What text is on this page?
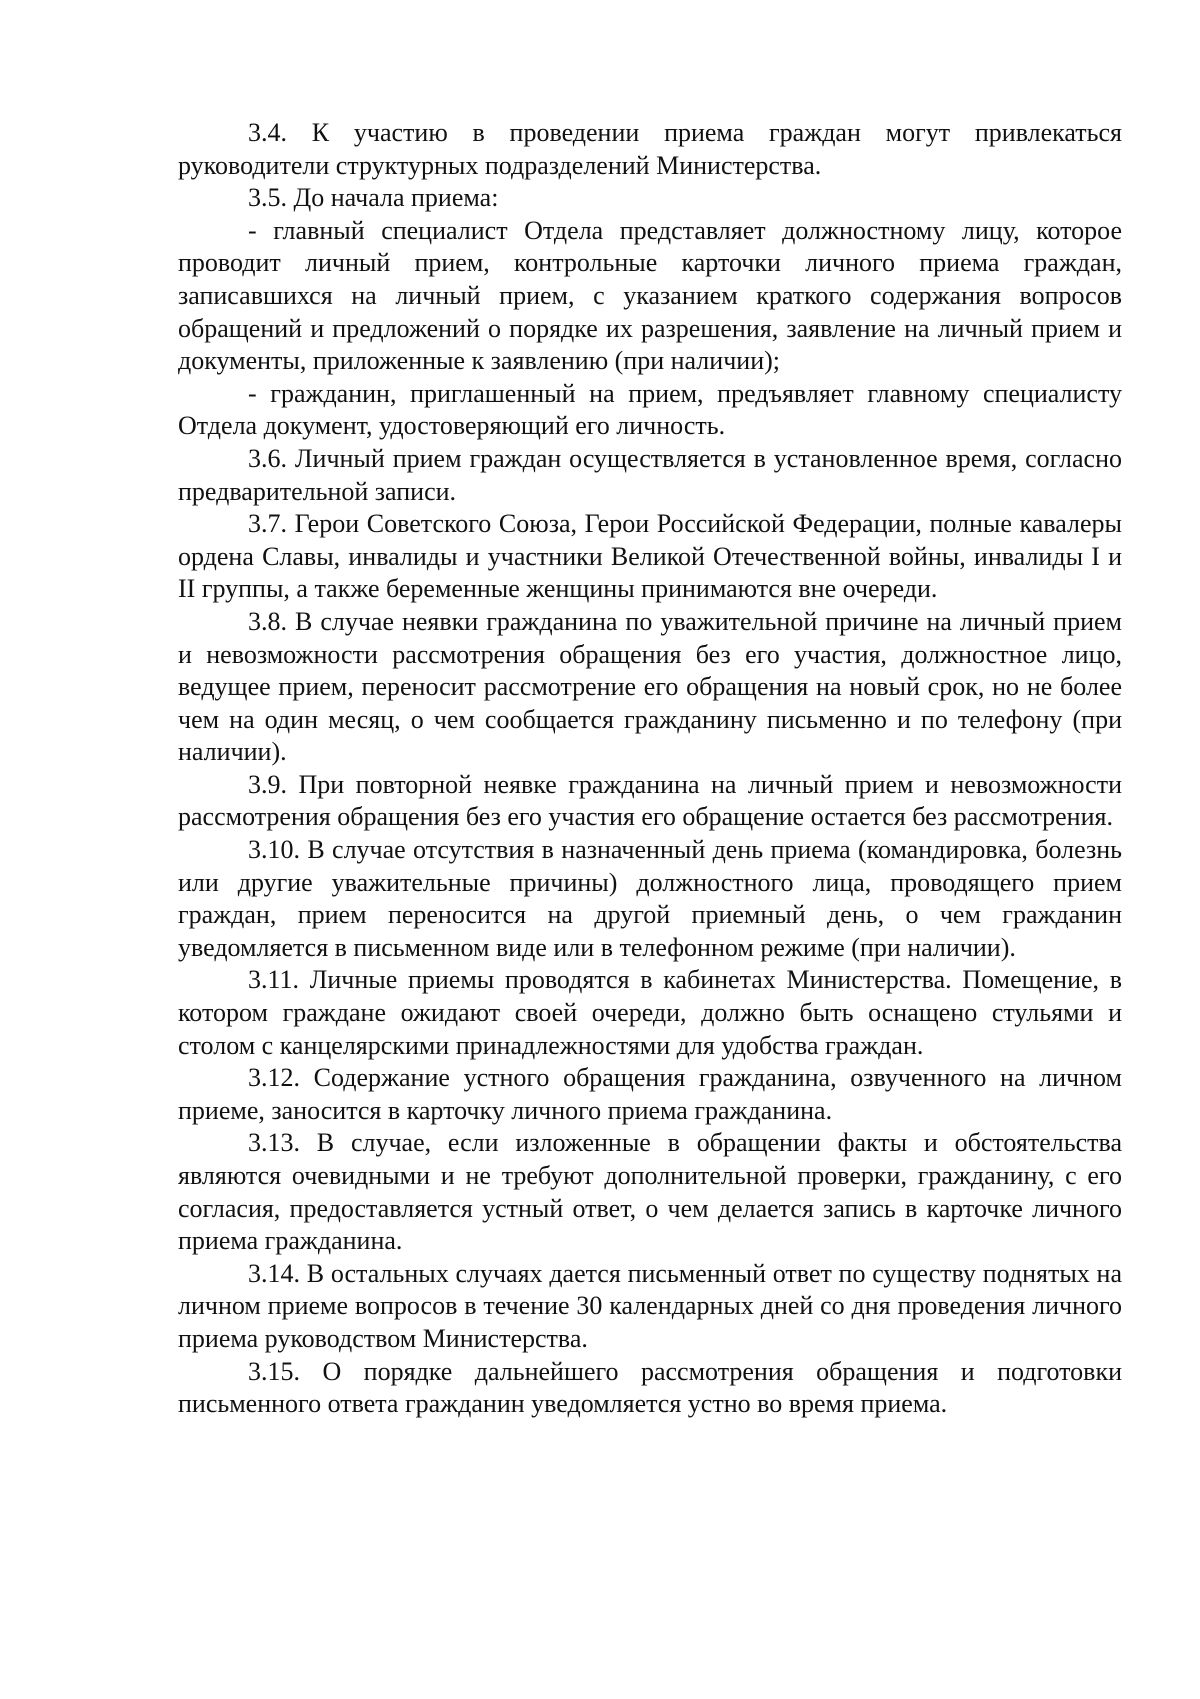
3.4. К участию в проведении приема граждан могут привлекаться руководители структурных подразделений Министерства.

3.5. До начала приема:

- главный специалист Отдела представляет должностному лицу, которое проводит личный прием, контрольные карточки личного приема граждан, записавшихся на личный прием, с указанием краткого содержания вопросов обращений и предложений о порядке их разрешения, заявление на личный прием и документы, приложенные к заявлению (при наличии);

- гражданин, приглашенный на прием, предъявляет главному специалисту Отдела документ, удостоверяющий его личность.

3.6. Личный прием граждан осуществляется в установленное время, согласно предварительной записи.

3.7. Герои Советского Союза, Герои Российской Федерации, полные кавалеры ордена Славы, инвалиды и участники Великой Отечественной войны, инвалиды I и II группы, а также беременные женщины принимаются вне очереди.

3.8. В случае неявки гражданина по уважительной причине на личный прием и невозможности рассмотрения обращения без его участия, должностное лицо, ведущее прием, переносит рассмотрение его обращения на новый срок, но не более чем на один месяц, о чем сообщается гражданину письменно и по телефону (при наличии).

3.9. При повторной неявке гражданина на личный прием и невозможности рассмотрения обращения без его участия его обращение остается без рассмотрения.

3.10. В случае отсутствия в назначенный день приема (командировка, болезнь или другие уважительные причины) должностного лица, проводящего прием граждан, прием переносится на другой приемный день, о чем гражданин уведомляется в письменном виде или в телефонном режиме (при наличии).

3.11. Личные приемы проводятся в кабинетах Министерства. Помещение, в котором граждане ожидают своей очереди, должно быть оснащено стульями и столом с канцелярскими принадлежностями для удобства граждан.

3.12. Содержание устного обращения гражданина, озвученного на личном приеме, заносится в карточку личного приема гражданина.

3.13. В случае, если изложенные в обращении факты и обстоятельства являются очевидными и не требуют дополнительной проверки, гражданину, с его согласия, предоставляется устный ответ, о чем делается запись в карточке личного приема гражданина.

3.14. В остальных случаях дается письменный ответ по существу поднятых на личном приеме вопросов в течение 30 календарных дней со дня проведения личного приема руководством Министерства.

3.15. О порядке дальнейшего рассмотрения обращения и подготовки письменного ответа гражданин уведомляется устно во время приема.
